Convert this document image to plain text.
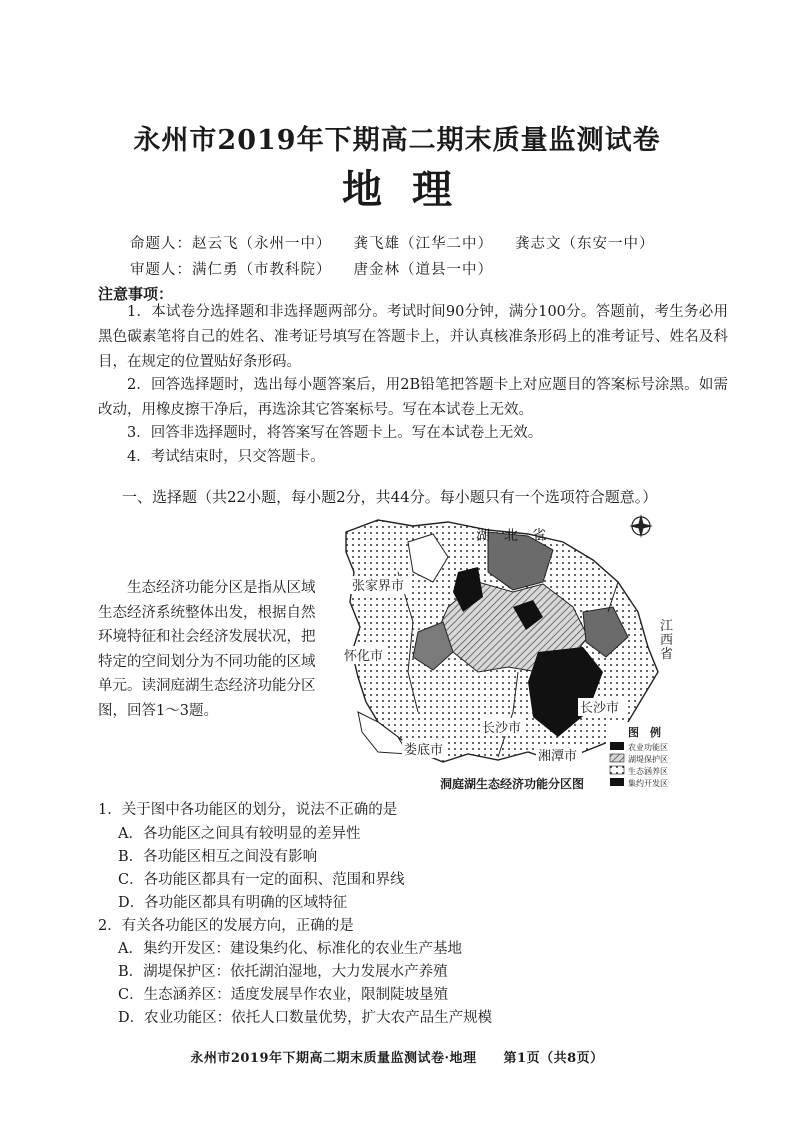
永州市2019年下期高二期末质量监测试卷
地理
命题人：赵云飞（永州一中） 龚飞雄（江华二中） 龚志文（东安一中）
审题人：满仁勇（市教科院） 唐金林（道县一中）
注意事项：
1．本试卷分选择题和非选择题两部分。考试时间90分钟，满分100分。答题前，考生务必用黑色碳素笔将自己的姓名、准考证号填写在答题卡上，并认真核准条形码上的准考证号、姓名及科目，在规定的位置贴好条形码。
2．回答选择题时，选出每小题答案后，用2B铅笔把答题卡上对应题目的答案标号涂黑。如需改动，用橡皮擦干净后，再选涂其它答案标号。写在本试卷上无效。
3．回答非选择题时，将答案写在答题卡上。写在本试卷上无效。
4．考试结束时，只交答题卡。
一、选择题（共22小题，每小题2分，共44分。每小题只有一个选项符合题意。）
生态经济功能分区是指从区域生态经济系统整体出发，根据自然环境特征和社会经济发展状况，把特定的空间划分为不同功能的区域单元。读洞庭湖生态经济功能分区图，回答1～3题。
湖　北　省
张家界市
江
西
省
怀化市
长沙市
长沙市
娄底市	湘潭市
图　例
农业功能区
湖堤保护区
生态涵养区
集约开发区
洞庭湖生态经济功能分区图
1．关于图中各功能区的划分，说法不正确的是
A．各功能区之间具有较明显的差异性
B．各功能区相互之间没有影响
C．各功能区都具有一定的面积、范围和界线
D．各功能区都具有明确的区域特征
2．有关各功能区的发展方向，正确的是
A．集约开发区：建设集约化、标准化的农业生产基地
B．湖堤保护区：依托湖泊湿地，大力发展水产养殖
C．生态涵养区：适度发展旱作农业，限制陡坡垦殖
D．农业功能区：依托人口数量优势，扩大农产品生产规模
永州市2019年下期高二期末质量监测试卷·地理　　第1页（共8页）
